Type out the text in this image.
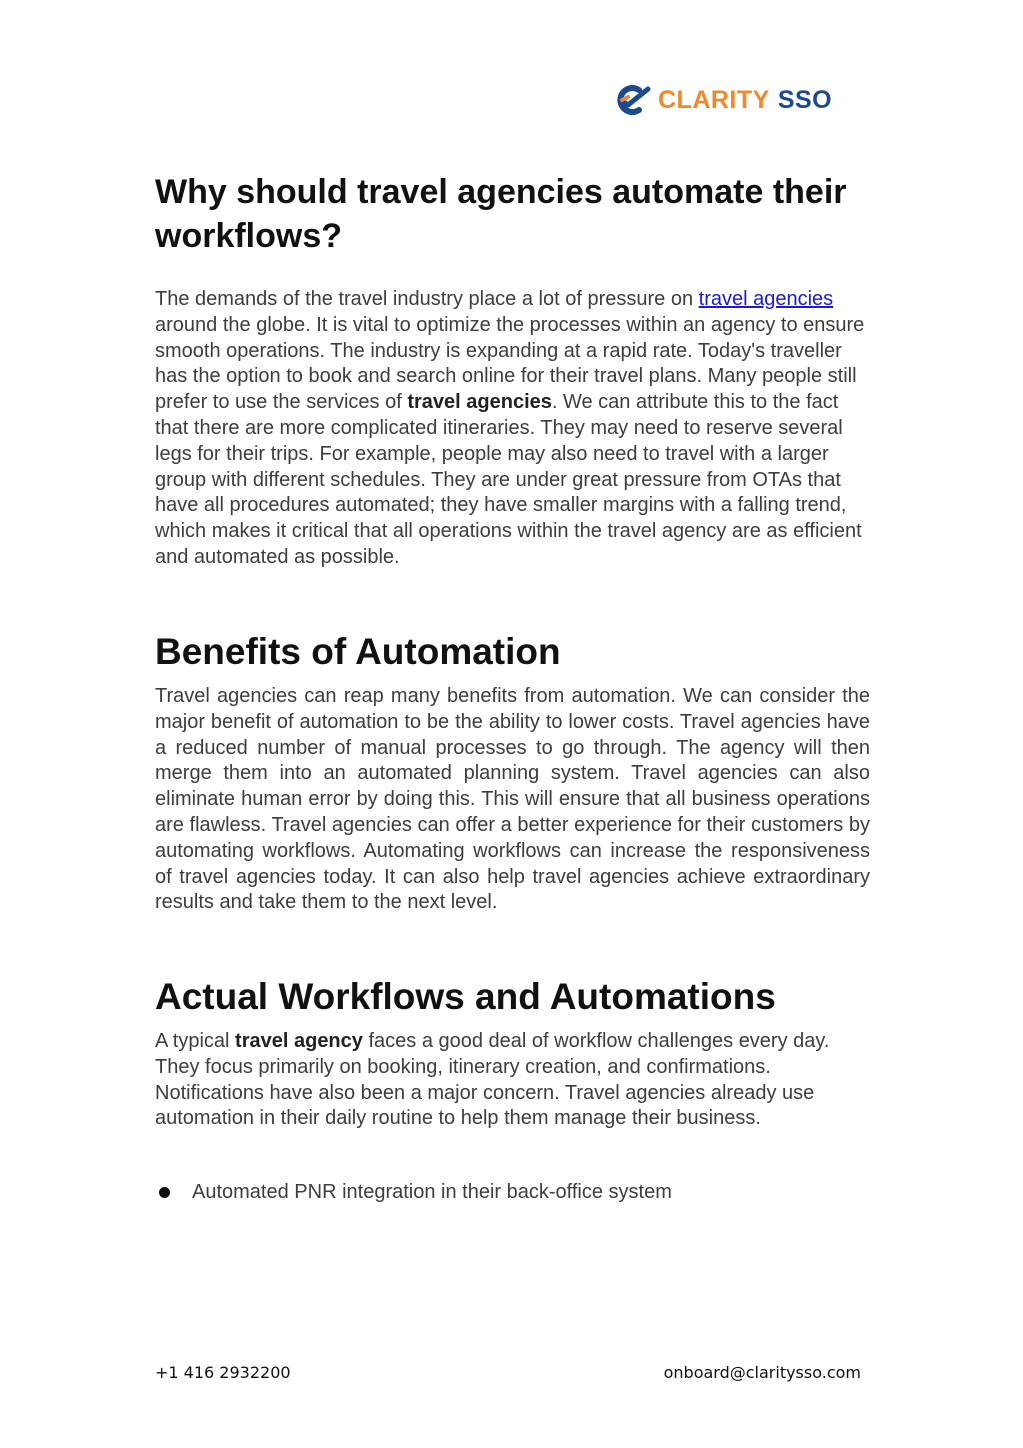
CLARITY SSO
Why should travel agencies automate their workflows?

The demands of the travel industry place a lot of pressure on travel agencies around the globe. It is vital to optimize the processes within an agency to ensure smooth operations. The industry is expanding at a rapid rate. Today's traveller has the option to book and search online for their travel plans. Many people still prefer to use the services of travel agencies. We can attribute this to the fact that there are more complicated itineraries. They may need to reserve several legs for their trips. For example, people may also need to travel with a larger group with different schedules. They are under great pressure from OTAs that have all procedures automated; they have smaller margins with a falling trend, which makes it critical that all operations within the travel agency are as efficient and automated as possible.

Benefits of Automation

Travel agencies can reap many benefits from automation. We can consider the major benefit of automation to be the ability to lower costs. Travel agencies have a reduced number of manual processes to go through. The agency will then merge them into an automated planning system. Travel agencies can also eliminate human error by doing this. This will ensure that all business operations are flawless. Travel agencies can offer a better experience for their customers by automating workflows. Automating workflows can increase the responsiveness of travel agencies today. It can also help travel agencies achieve extraordinary results and take them to the next level.

Actual Workflows and Automations

A typical travel agency faces a good deal of workflow challenges every day. They focus primarily on booking, itinerary creation, and confirmations. Notifications have also been a major concern. Travel agencies already use automation in their daily routine to help them manage their business.

Automated PNR integration in their back-office system
+1 416 2932200	onboard@claritysso.com
